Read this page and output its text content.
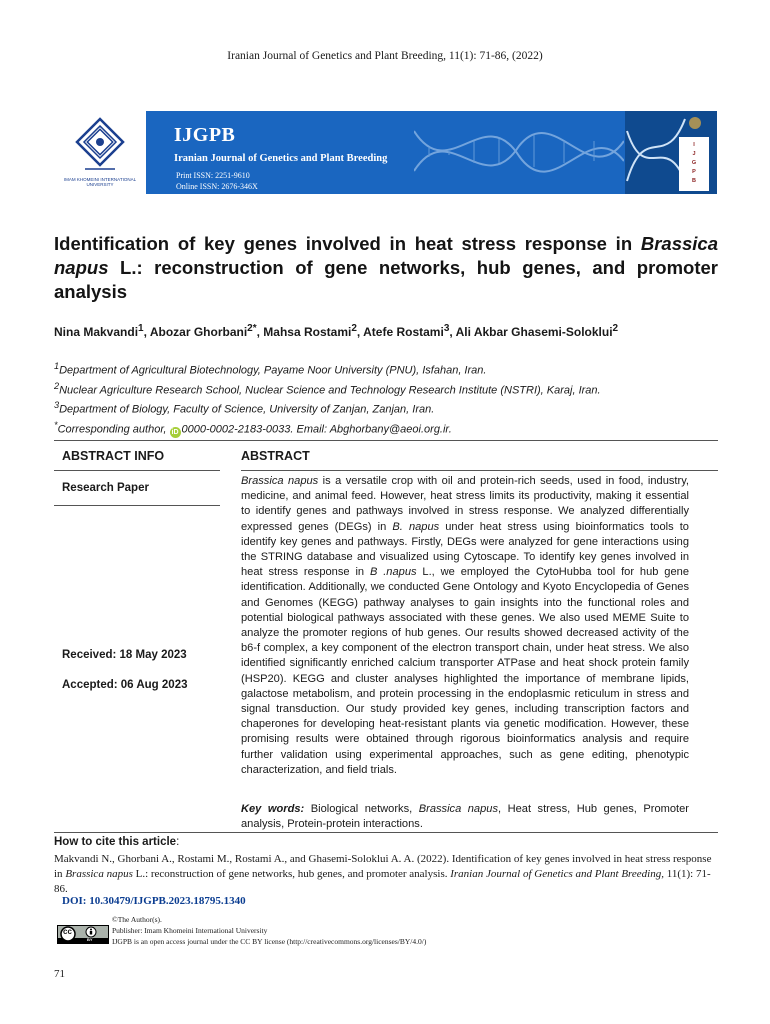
Iranian Journal of Genetics and Plant Breeding, 11(1): 71-86, (2022)
IMAM KHOMEINI INTERNATIONAL UNIVERSITY
IJGPB
Iranian Journal of Genetics and Plant Breeding
Print ISSN: 2251-9610
Online ISSN: 2676-346X
I
J
G
P
B
Identification of key genes involved in heat stress response in Brassica napus L.: reconstruction of gene networks, hub genes, and promoter analysis
Nina Makvandi$^1$, Abozar Ghorbani$^{2*}$, Mahsa Rostami$^2$, Atefe Rostami$^3$, Ali Akbar Ghasemi-Soloklui$^2$
$^1$Department of Agricultural Biotechnology, Payame Noor University (PNU), Isfahan, Iran.
$^2$Nuclear Agriculture Research School, Nuclear Science and Technology Research Institute (NSTRI), Karaj, Iran.
$^3$Department of Biology, Faculty of Science, University of Zanjan, Zanjan, Iran.
*Corresponding author, iD 0000-0002-2183-0033. Email: Abghorbany@aeoi.org.ir.
ABSTRACT INFO
Research Paper
Received: 18 May 2023
Accepted: 06 Aug 2023
ABSTRACT
Brassica napus is a versatile crop with oil and protein-rich seeds, used in food, industry, medicine, and animal feed. However, heat stress limits its productivity, making it essential to identify genes and pathways involved in stress response. We analyzed differentially expressed genes (DEGs) in B. napus under heat stress using bioinformatics tools to identify key genes and pathways. Firstly, DEGs were analyzed for gene interactions using the STRING database and visualized using Cytoscape. To identify key genes involved in heat stress response in B .napus L., we employed the CytoHubba tool for hub gene identification. Additionally, we conducted Gene Ontology and Kyoto Encyclopedia of Genes and Genomes (KEGG) pathway analyses to gain insights into the functional roles and potential biological pathways associated with these genes. We also used MEME Suite to analyze the promoter regions of hub genes. Our results showed decreased activity of the b6-f complex, a key component of the electron transport chain, under heat stress. We also identified significantly enriched calcium transporter ATPase and heat shock protein family (HSP20). KEGG and cluster analyses highlighted the importance of membrane lipids, galactose metabolism, and protein processing in the endoplasmic reticulum in stress and signal transduction. Our study provided key genes, including transcription factors and chaperones for developing heat-resistant plants via genetic modification. However, these promising results were obtained through rigorous bioinformatics analysis and require further validation using experimental approaches, such as gene editing, phenotypic characterization, and field trials.
Key words: Biological networks, Brassica napus, Heat stress, Hub genes, Promoter analysis, Protein-protein interactions.
How to cite this article:
Makvandi N., Ghorbani A., Rostami M., Rostami A., and Ghasemi-Soloklui A. A. (2022). Identification of key genes involved in heat stress response in Brassica napus L.: reconstruction of gene networks, hub genes, and promoter analysis. Iranian Journal of Genetics and Plant Breeding, 11(1): 71-86.
DOI: 10.30479/IJGPB.2023.18795.1340
cc
BY
©The Author(s).
Publisher: Imam Khomeini International University
IJGPB is an open access journal under the CC BY license (http://creativecommons.org/licenses/BY/4.0/)
71
